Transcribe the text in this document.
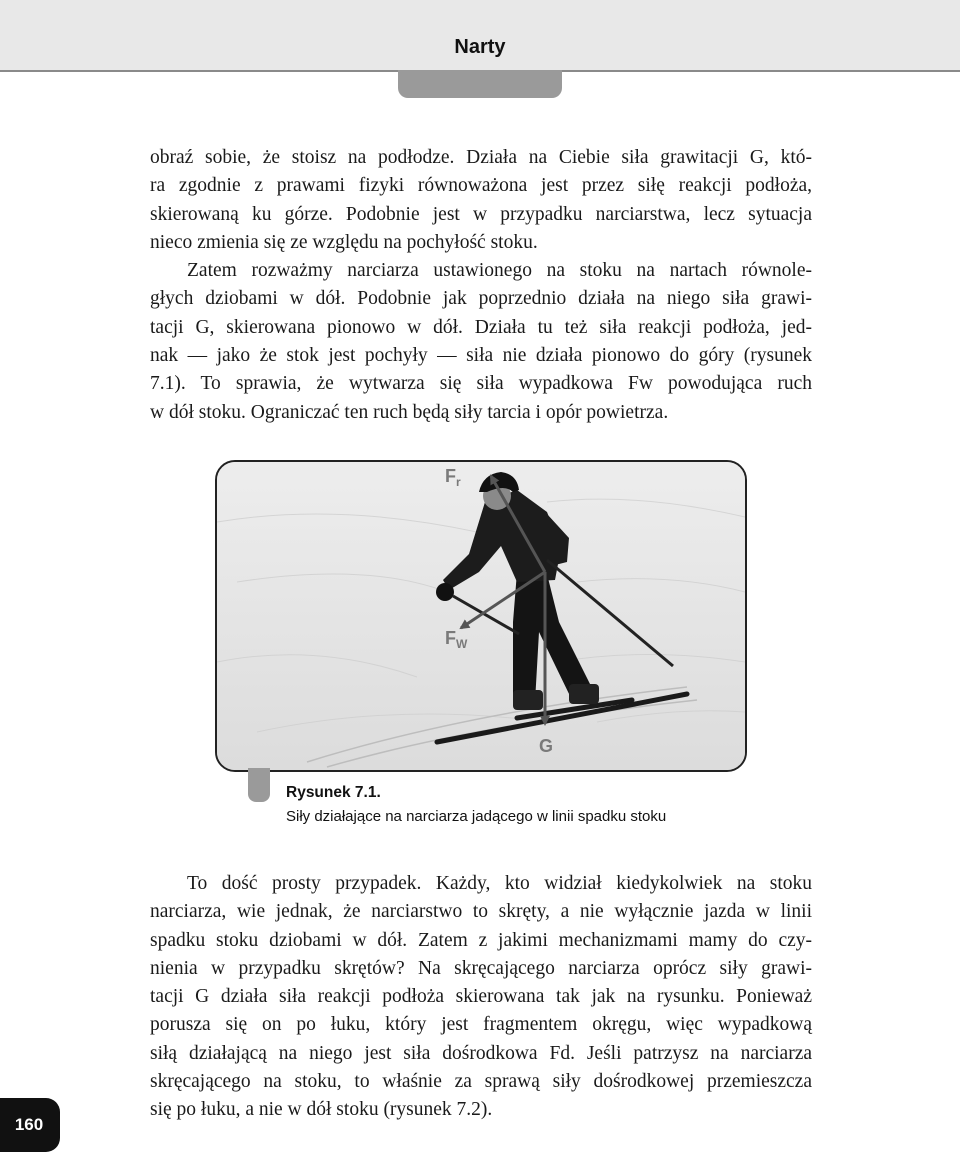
Narty
obraź sobie, że stoisz na podłodze. Działa na Ciebie siła grawitacji G, któ-
ra zgodnie z prawami fizyki równoważona jest przez siłę reakcji podłoża,
skierowaną ku górze. Podobnie jest w przypadku narciarstwa, lecz sytuacja
nieco zmienia się ze względu na pochyłość stoku.
Zatem rozważmy narciarza ustawionego na stoku na nartach równole-
głych dziobami w dół. Podobnie jak poprzednio działa na niego siła grawi-
tacji G, skierowana pionowo w dół. Działa tu też siła reakcji podłoża, jed-
nak — jako że stok jest pochyły — siła nie działa pionowo do góry (rysunek
7.1). To sprawia, że wytwarza się siła wypadkowa Fw powodująca ruch
w dół stoku. Ograniczać ten ruch będą siły tarcia i opór powietrza.
$F_r$
$F_W$
G
Rysunek 7.1.
Siły działające na narciarza jadącego w linii spadku stoku
To dość prosty przypadek. Każdy, kto widział kiedykolwiek na stoku
narciarza, wie jednak, że narciarstwo to skręty, a nie wyłącznie jazda w linii
spadku stoku dziobami w dół. Zatem z jakimi mechanizmami mamy do czy-
nienia w przypadku skrętów? Na skręcającego narciarza oprócz siły grawi-
tacji G działa siła reakcji podłoża skierowana tak jak na rysunku. Ponieważ
porusza się on po łuku, który jest fragmentem okręgu, więc wypadkową
siłą działającą na niego jest siła dośrodkowa Fd. Jeśli patrzysz na narciarza
skręcającego na stoku, to właśnie za sprawą siły dośrodkowej przemieszcza
się po łuku, a nie w dół stoku (rysunek 7.2).
160
